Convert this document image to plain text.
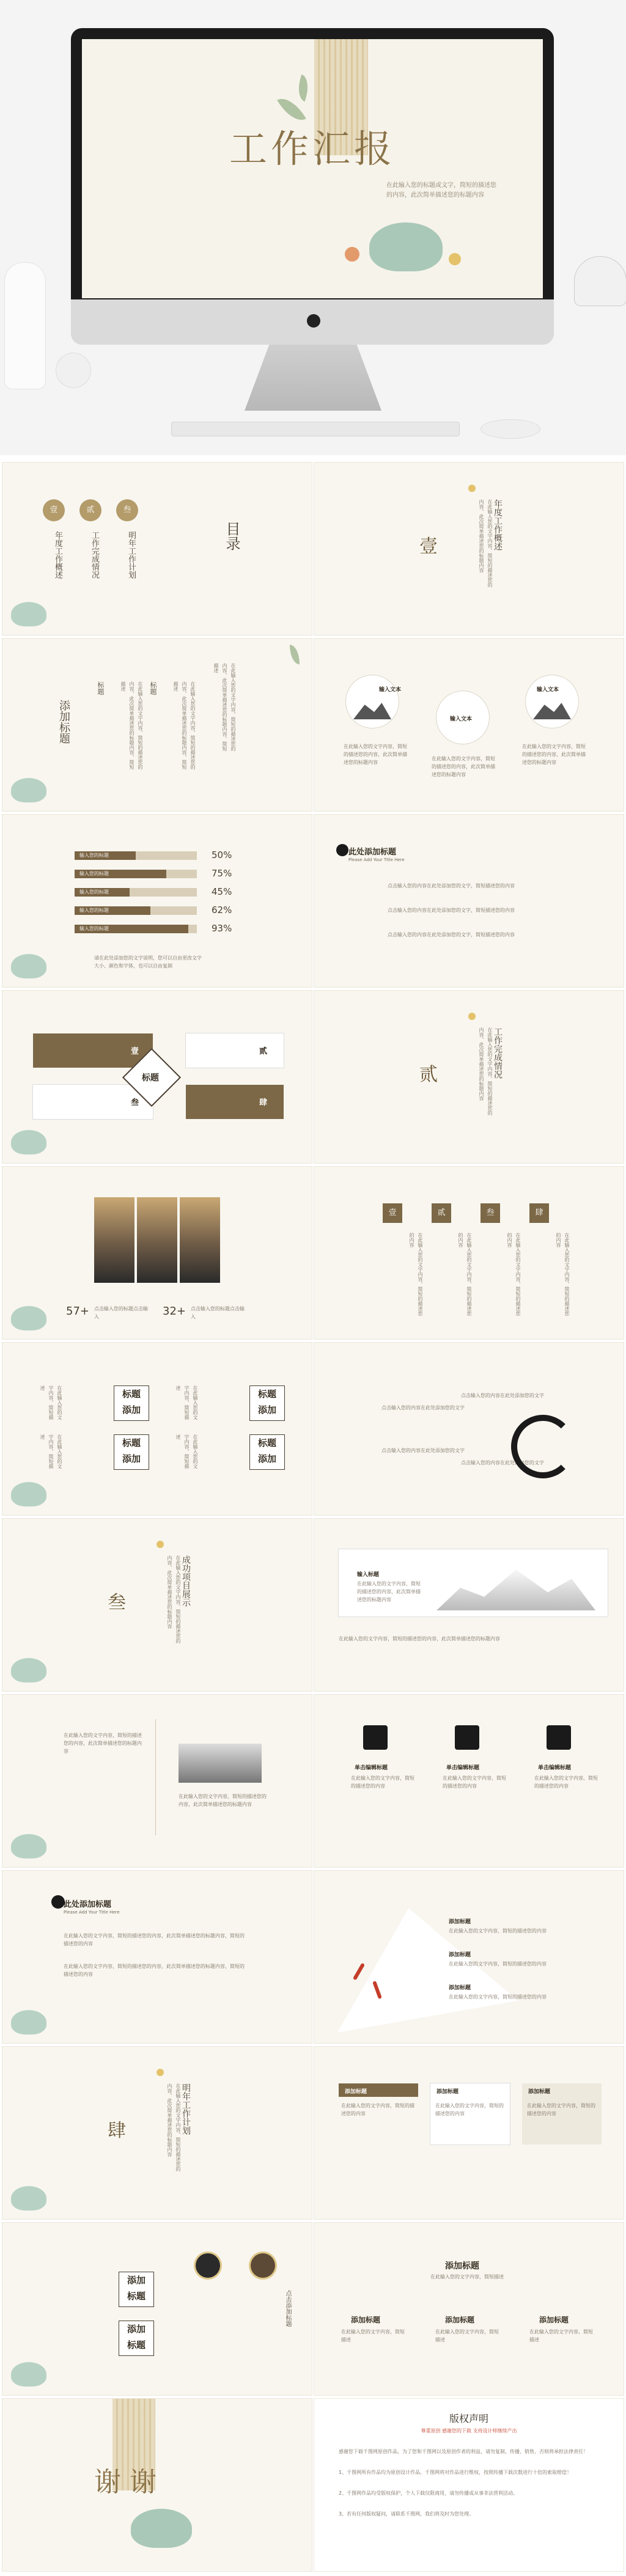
工作汇报
在此输入您的标题或文字，简短的描述您的内容，此次简单描述您的标题内容
壹	贰	叁
年度工作概述	工作完成情况	明年工作计划	目录	壹	在此输入您的文字内容，简短的描述您的内容，此次简单描述您的标题内容	年度工作概述
添加标题
标题	在此输入您的文字内容，简短的描述您的内容，此次简单描述您的标题内容，简短描述	标题	在此输入您的文字内容，简短的描述您的内容，此次简单描述您的标题内容，简短描述	在此输入您的文字内容，简短的描述您的内容，此次简单描述您的标题内容，简短描述
输入文本
输入文本
输入文本
在此输入您的文字内容，简短的描述您的内容，此次简单描述您的标题内容
在此输入您的文字内容，简短的描述您的内容，此次简单描述您的标题内容
在此输入您的文字内容，简短的描述您的内容，此次简单描述您的标题内容
输入您的标题	50%
输入您的标题	75%
输入您的标题	45%
输入您的标题	62%
输入您的标题	93%
请在此处添加您的文字说明，您可以自由更改文字大小、颜色和字体，也可以自由复制
此处添加标题
Please Add Your Title Here
点击输入您的内容在此处添加您的文字，简短描述您的内容
点击输入您的内容在此处添加您的文字，简短描述您的内容
点击输入您的内容在此处添加您的文字，简短描述您的内容
标题
壹	贰
叁	肆
贰	在此输入您的文字内容，简短的描述您的内容，此次简单描述您的标题内容	工作完成情况
57+ 点击输入您的标题点击输入	32+ 点击输入您的标题点击输入
壹	贰	叁	肆
在此输入您的文字内容，简短的描述您的内容	在此输入您的文字内容，简短的描述您的内容	在此输入您的文字内容，简短的描述您的内容	在此输入您的文字内容，简短的描述您的内容
标题
添加
标题
添加
标题
添加
标题
添加
在此输入您的文字内容，简短描述	在此输入您的文字内容，简短描述
在此输入您的文字内容，简短描述	在此输入您的文字内容，简短描述
点击输入您的内容在此处添加您的文字
点击输入您的内容在此处添加您的文字
点击输入您的内容在此处添加您的文字
点击输入您的内容在此处添加您的文字
叁	在此输入您的文字内容，简短的描述您的内容，此次简单描述您的标题内容	成功项目展示	输入标题
在此输入您的文字内容，简短的描述您的内容，此次简单描述您的标题内容
在此输入您的文字内容，简短的描述您的内容，此次简单描述您的标题内容
在此输入您的文字内容，简短的描述您的内容，此次简单描述您的标题内容
在此输入您的文字内容，简短的描述您的内容，此次简单描述您的标题内容
单击编辑标题	单击编辑标题	单击编辑标题
在此输入您的文字内容，简短的描述您的内容
在此输入您的文字内容，简短的描述您的内容
在此输入您的文字内容，简短的描述您的内容
此处添加标题
Please Add Your Title Here
在此输入您的文字内容，简短的描述您的内容，此次简单描述您的标题内容，简短的描述您的内容
在此输入您的文字内容，简短的描述您的内容，此次简单描述您的标题内容，简短的描述您的内容
添加标题
在此输入您的文字内容，简短的描述您的内容
添加标题
在此输入您的文字内容，简短的描述您的内容
添加标题
在此输入您的文字内容，简短的描述您的内容
肆	在此输入您的文字内容，简短的描述您的内容，此次简单描述您的标题内容	明年工作计划	添加标题
在此输入您的文字内容，简短的描述您的内容
添加标题
在此输入您的文字内容，简短的描述您的内容
添加标题
在此输入您的文字内容，简短的描述您的内容
添加
标题
添加
标题
点击添加标题
添加标题
在此输入您的文字内容，简短描述
添加标题	添加标题	添加标题
在此输入您的文字内容，简短描述
在此输入您的文字内容，简短描述
在此输入您的文字内容，简短描述
谢谢
版权声明
尊重原创 感谢您的下载 支持设计师继续产出
感谢您下载千图网原创作品，为了您和千图网以及原创作者的利益，请勿复制、传播、销售，否则将承担法律责任！
1、千图网所有作品均为原创设计作品，千图网将对作品进行维权，按照传播下载次数进行十倍的索取赔偿！
2、千图网作品均受版权保护，个人下载仅限商用，请勿传播或从事非法营利活动。
3、若有任何版权疑问，请联系千图网，我们将及时为您处理。
